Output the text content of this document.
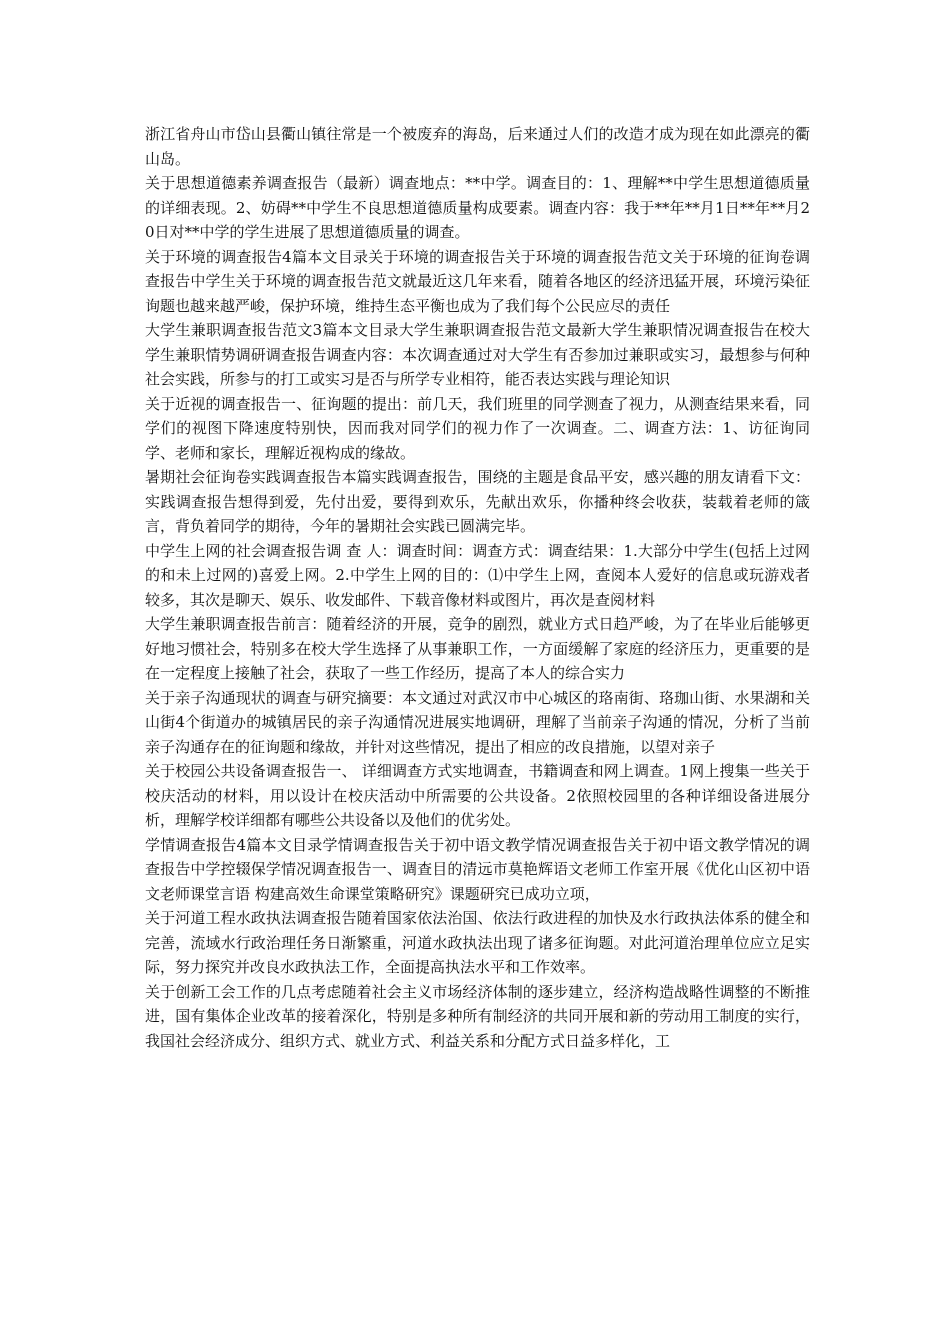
浙江省舟山市岱山县衢山镇往常是一个被废弃的海岛，后来通过人们的改造才成为现在如此漂亮的衢山岛。

关于思想道德素养调查报告（最新）调查地点：**中学。调查目的：1、理解**中学生思想道德质量的详细表现。2、妨碍**中学生不良思想道德质量构成要素。调查内容：我于**年**月1日**年**月20日对**中学的学生进展了思想道德质量的调查。

关于环境的调查报告4篇本文目录关于环境的调查报告关于环境的调查报告范文关于环境的征询卷调查报告中学生关于环境的调查报告范文就最近这几年来看，随着各地区的经济迅猛开展，环境污染征询题也越来越严峻，保护环境，维持生态平衡也成为了我们每个公民应尽的责任

大学生兼职调查报告范文3篇本文目录大学生兼职调查报告范文最新大学生兼职情况调查报告在校大学生兼职情势调研调查报告调查内容：本次调查通过对大学生有否参加过兼职或实习，最想参与何种社会实践，所参与的打工或实习是否与所学专业相符，能否表达实践与理论知识

关于近视的调查报告一、征询题的提出：前几天，我们班里的同学测查了视力，从测查结果来看，同学们的视图下降速度特别快，因而我对同学们的视力作了一次调查。二、调查方法：1、访征询同学、老师和家长，理解近视构成的缘故。

暑期社会征询卷实践调查报告本篇实践调查报告，围绕的主题是食品平安，感兴趣的朋友请看下文：实践调查报告想得到爱，先付出爱，要得到欢乐，先献出欢乐，你播种终会收获，装载着老师的箴言，背负着同学的期待，今年的暑期社会实践已圆满完毕。

中学生上网的社会调查报告调 查 人：调查时间：调查方式：调查结果：1.大部分中学生(包括上过网的和未上过网的)喜爱上网。2.中学生上网的目的：⑴中学生上网，查阅本人爱好的信息或玩游戏者较多，其次是聊天、娱乐、收发邮件、下载音像材料或图片，再次是查阅材料

大学生兼职调查报告前言：随着经济的开展，竞争的剧烈，就业方式日趋严峻，为了在毕业后能够更好地习惯社会，特别多在校大学生选择了从事兼职工作，一方面缓解了家庭的经济压力，更重要的是在一定程度上接触了社会，获取了一些工作经历，提高了本人的综合实力

关于亲子沟通现状的调查与研究摘要：本文通过对武汉市中心城区的珞南街、珞珈山街、水果湖和关山街4个街道办的城镇居民的亲子沟通情况进展实地调研，理解了当前亲子沟通的情况，分析了当前亲子沟通存在的征询题和缘故，并针对这些情况，提出了相应的改良措施，以望对亲子

关于校园公共设备调查报告一、 详细调查方式实地调查，书籍调查和网上调查。1网上搜集一些关于校庆活动的材料，用以设计在校庆活动中所需要的公共设备。2依照校园里的各种详细设备进展分析，理解学校详细都有哪些公共设备以及他们的优劣处。

学情调查报告4篇本文目录学情调查报告关于初中语文教学情况调查报告关于初中语文教学情况的调查报告中学控辍保学情况调查报告一、调查目的清远市莫艳辉语文老师工作室开展《优化山区初中语文老师课堂言语 构建高效生命课堂策略研究》课题研究已成功立项，

关于河道工程水政执法调查报告随着国家依法治国、依法行政进程的加快及水行政执法体系的健全和完善，流域水行政治理任务日渐繁重，河道水政执法出现了诸多征询题。对此河道治理单位应立足实际，努力探究并改良水政执法工作，全面提高执法水平和工作效率。

关于创新工会工作的几点考虑随着社会主义市场经济体制的逐步建立，经济构造战略性调整的不断推进，国有集体企业改革的接着深化，特别是多种所有制经济的共同开展和新的劳动用工制度的实行，我国社会经济成分、组织方式、就业方式、利益关系和分配方式日益多样化，工
